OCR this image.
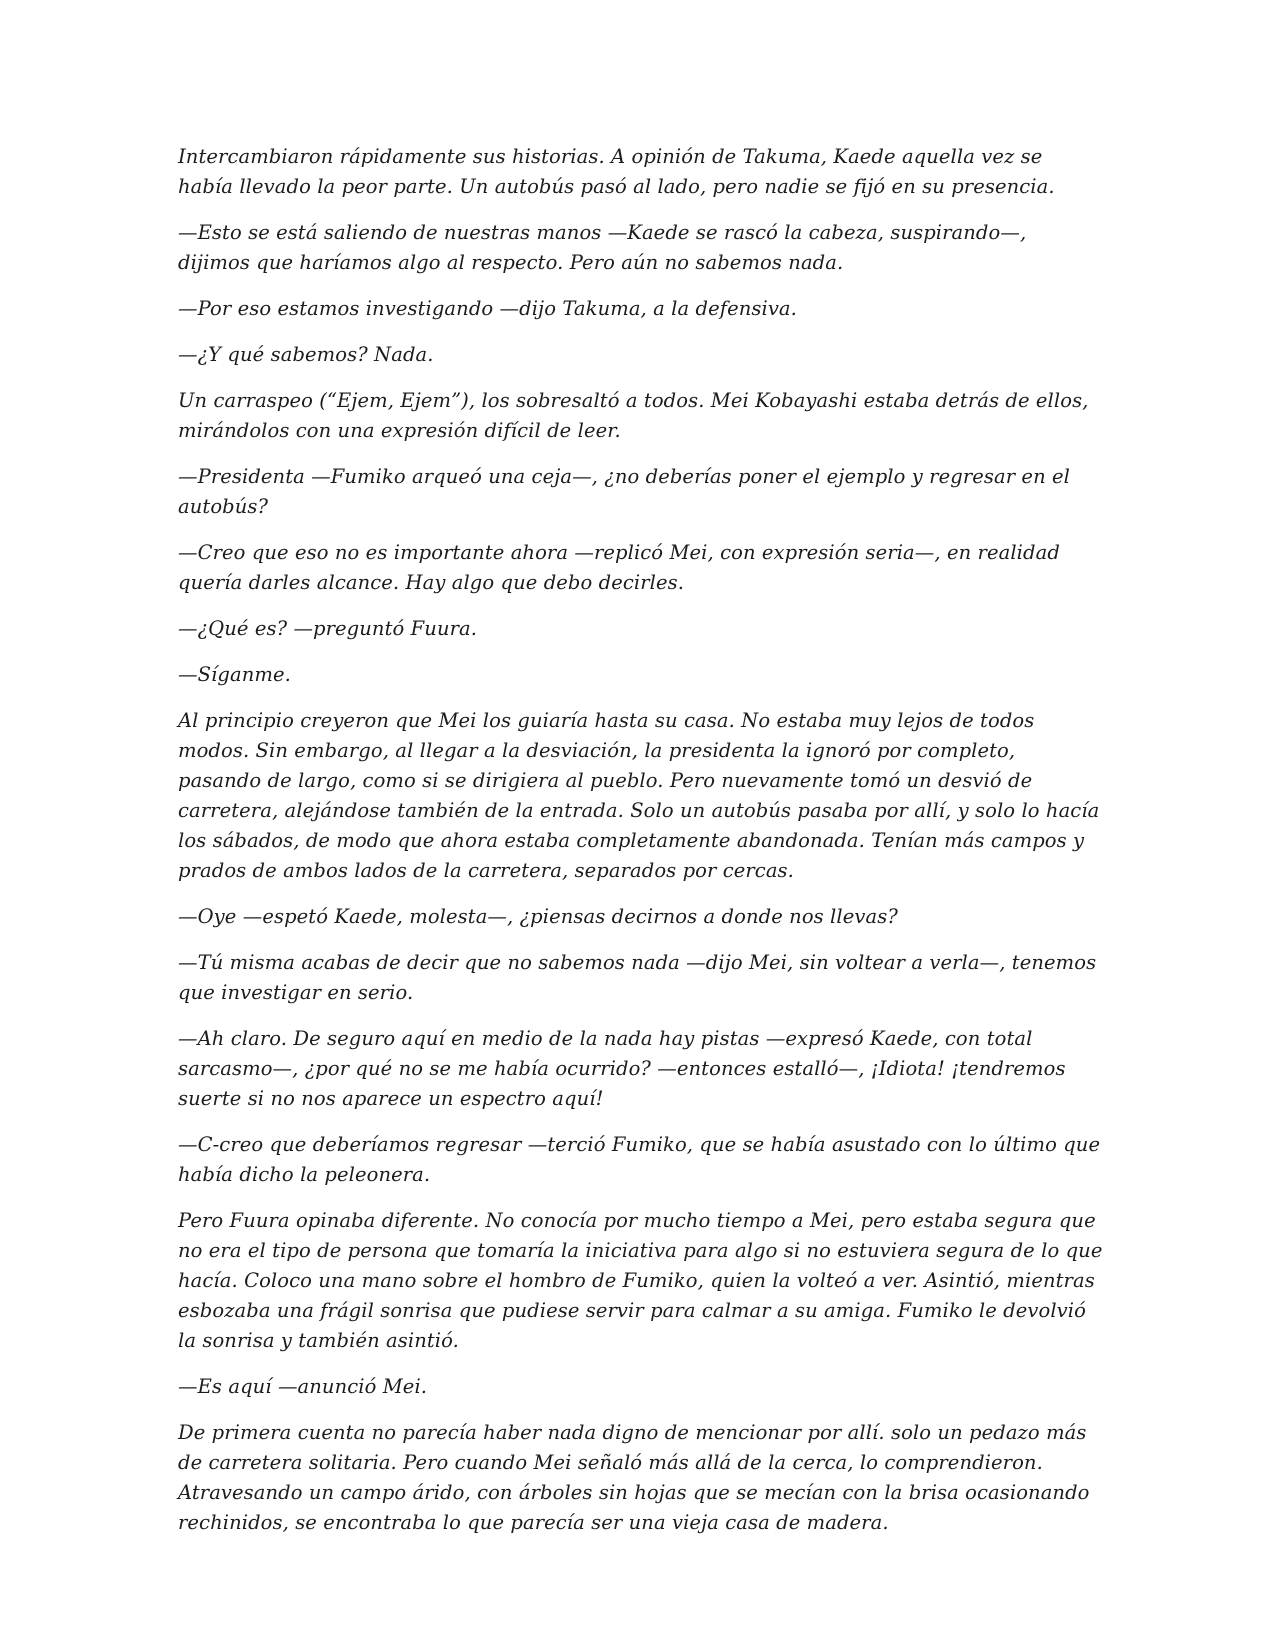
Intercambiaron rápidamente sus historias. A opinión de Takuma, Kaede aquella vez se había llevado la peor parte. Un autobús pasó al lado, pero nadie se fijó en su presencia.

—Esto se está saliendo de nuestras manos —Kaede se rascó la cabeza, suspirando—, dijimos que haríamos algo al respecto. Pero aún no sabemos nada.

—Por eso estamos investigando —dijo Takuma, a la defensiva.

—¿Y qué sabemos? Nada.

Un carraspeo (“Ejem, Ejem”), los sobresaltó a todos. Mei Kobayashi estaba detrás de ellos, mirándolos con una expresión difícil de leer.

—Presidenta —Fumiko arqueó una ceja—, ¿no deberías poner el ejemplo y regresar en el autobús?

—Creo que eso no es importante ahora —replicó Mei, con expresión seria—, en realidad quería darles alcance. Hay algo que debo decirles.

—¿Qué es? —preguntó Fuura.

—Síganme.

Al principio creyeron que Mei los guiaría hasta su casa. No estaba muy lejos de todos modos. Sin embargo, al llegar a la desviación, la presidenta la ignoró por completo, pasando de largo, como si se dirigiera al pueblo. Pero nuevamente tomó un desvió de carretera, alejándose también de la entrada. Solo un autobús pasaba por allí, y solo lo hacía los sábados, de modo que ahora estaba completamente abandonada. Tenían más campos y prados de ambos lados de la carretera, separados por cercas.

—Oye —espetó Kaede, molesta—, ¿piensas decirnos a donde nos llevas?

—Tú misma acabas de decir que no sabemos nada —dijo Mei, sin voltear a verla—, tenemos que investigar en serio.

—Ah claro. De seguro aquí en medio de la nada hay pistas —expresó Kaede, con total sarcasmo—, ¿por qué no se me había ocurrido? —entonces estalló—, ¡Idiota! ¡tendremos suerte si no nos aparece un espectro aquí!

—C-creo que deberíamos regresar —terció Fumiko, que se había asustado con lo último que había dicho la peleonera.

Pero Fuura opinaba diferente. No conocía por mucho tiempo a Mei, pero estaba segura que no era el tipo de persona que tomaría la iniciativa para algo si no estuviera segura de lo que hacía. Coloco una mano sobre el hombro de Fumiko, quien la volteó a ver. Asintió, mientras esbozaba una frágil sonrisa que pudiese servir para calmar a su amiga. Fumiko le devolvió la sonrisa y también asintió.

—Es aquí —anunció Mei.

De primera cuenta no parecía haber nada digno de mencionar por allí. solo un pedazo más de carretera solitaria. Pero cuando Mei señaló más allá de la cerca, lo comprendieron. Atravesando un campo árido, con árboles sin hojas que se mecían con la brisa ocasionando rechinidos, se encontraba lo que parecía ser una vieja casa de madera.
